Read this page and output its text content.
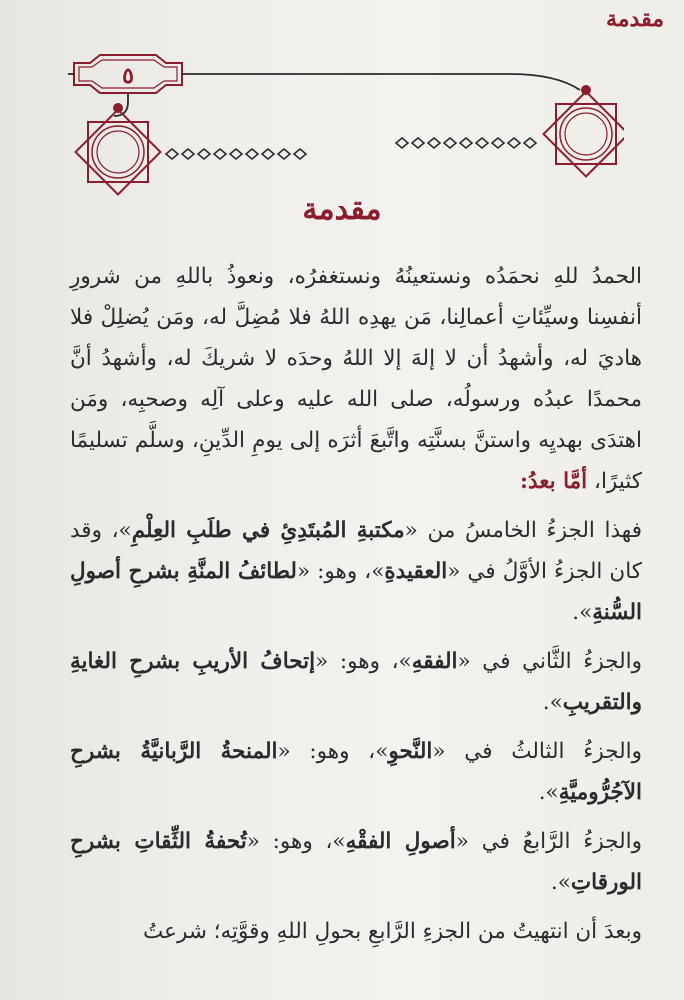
مقدمة
٥
مقدمة

الحمدُ للهِ نحمَدُه ونستعينُهُ ونستغفرُه، ونعوذُ باللهِ من شرورِ أنفسِنا وسيِّئاتِ أعمالِنا، مَن يهدِه اللهُ فلا مُضِلَّ له، ومَن يُضلِلْ فلا هاديَ له، وأشهدُ أن لا إلهَ إلا اللهُ وحدَه لا شريكَ له، وأشهدُ أنَّ محمدًا عبدُه ورسولُه، صلى الله عليه وعلى آلِه وصحبِه، ومَن اهتدَى بهديِه واستنَّ بسنَّتِه واتَّبعَ أثرَه إلى يومِ الدِّينِ، وسلَّم تسليمًا كثيرًا، أمَّا بعدُ:

فهذا الجزءُ الخامسُ من «مكتبةِ المُبتَدِئِ في طلَبِ العِلْمِ»، وقد كان الجزءُ الأوَّلُ في «العقيدةِ»، وهو: «لطائفُ المنَّةِ بشرحِ أصولِ السُّنةِ».

والجزءُ الثَّاني في «الفقهِ»، وهو: «إتحافُ الأريبِ بشرحِ الغايةِ والتقريبِ».

والجزءُ الثالثُ في «النَّحوِ»، وهو: «المنحةُ الرَّبانيَّةُ بشرحِ الآجُرُّوميَّةِ».

والجزءُ الرَّابعُ في «أصولِ الفقْهِ»، وهو: «تُحفةُ الثِّقاتِ بشرحِ الورقاتِ».

وبعدَ أن انتهيتُ من الجزءِ الرَّابعِ بحولِ اللهِ وقوَّتِه؛ شرعتُ
